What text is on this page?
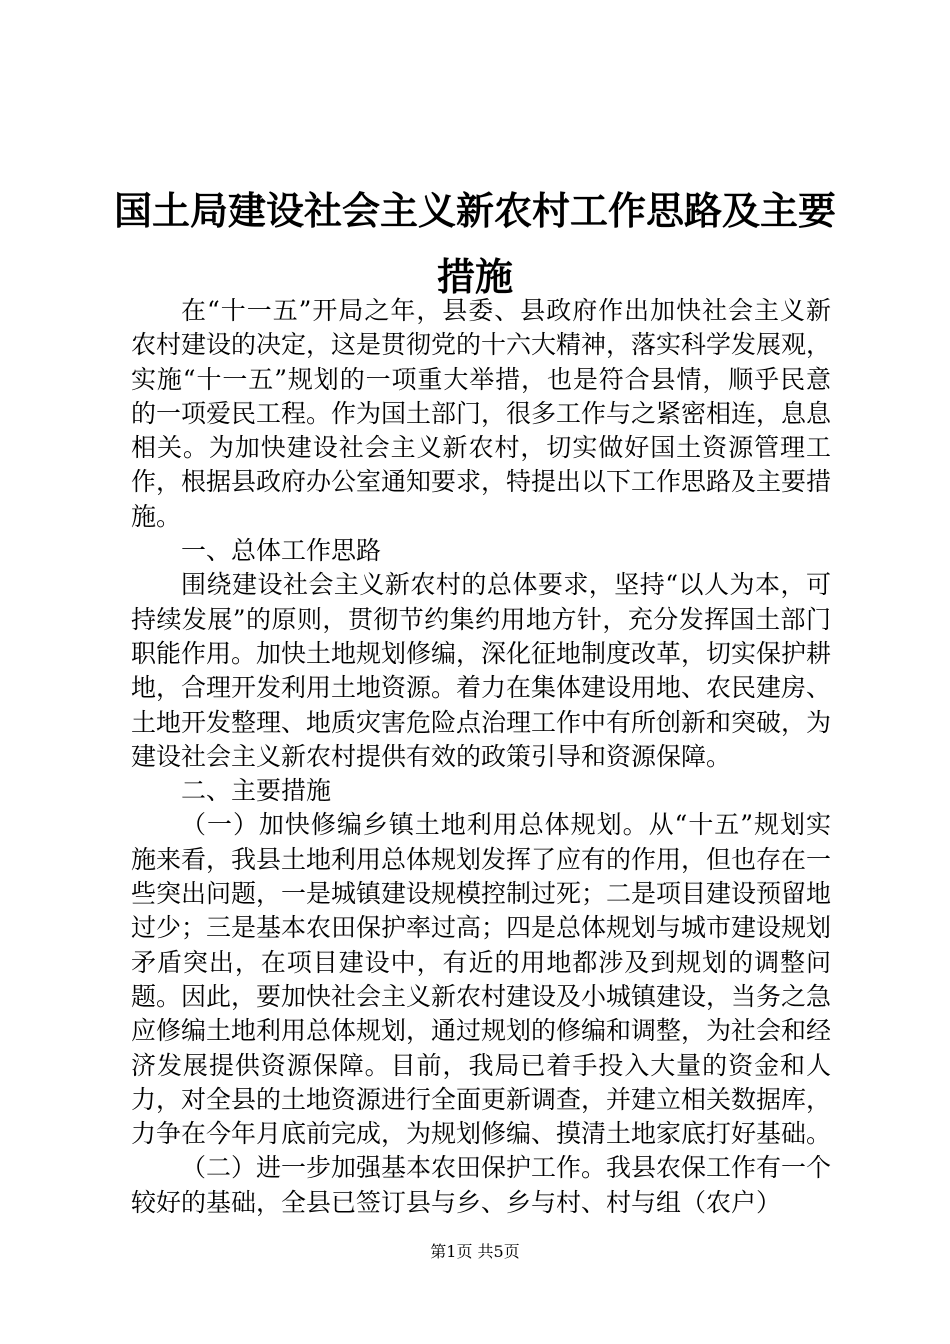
国土局建设社会主义新农村工作思路及主要措施

在“十一五”开局之年，县委、县政府作出加快社会主义新农村建设的决定，这是贯彻党的十六大精神，落实科学发展观，实施“十一五”规划的一项重大举措，也是符合县情，顺乎民意的一项爱民工程。作为国土部门，很多工作与之紧密相连，息息相关。为加快建设社会主义新农村，切实做好国土资源管理工作，根据县政府办公室通知要求，特提出以下工作思路及主要措施。

一、总体工作思路

围绕建设社会主义新农村的总体要求，坚持“以人为本，可持续发展”的原则，贯彻节约集约用地方针，充分发挥国土部门职能作用。加快土地规划修编，深化征地制度改革，切实保护耕地，合理开发利用土地资源。着力在集体建设用地、农民建房、土地开发整理、地质灾害危险点治理工作中有所创新和突破，为建设社会主义新农村提供有效的政策引导和资源保障。

二、主要措施

（一）加快修编乡镇土地利用总体规划。从“十五”规划实施来看，我县土地利用总体规划发挥了应有的作用，但也存在一些突出问题，一是城镇建设规模控制过死；二是项目建设预留地过少；三是基本农田保护率过高；四是总体规划与城市建设规划矛盾突出，在项目建设中，有近的用地都涉及到规划的调整问题。因此，要加快社会主义新农村建设及小城镇建设，当务之急应修编土地利用总体规划，通过规划的修编和调整，为社会和经济发展提供资源保障。目前，我局已着手投入大量的资金和人力，对全县的土地资源进行全面更新调查，并建立相关数据库，力争在今年月底前完成，为规划修编、摸清土地家底打好基础。

（二）进一步加强基本农田保护工作。我县农保工作有一个较好的基础，全县已签订县与乡、乡与村、村与组（农户）

第1页 共5页
